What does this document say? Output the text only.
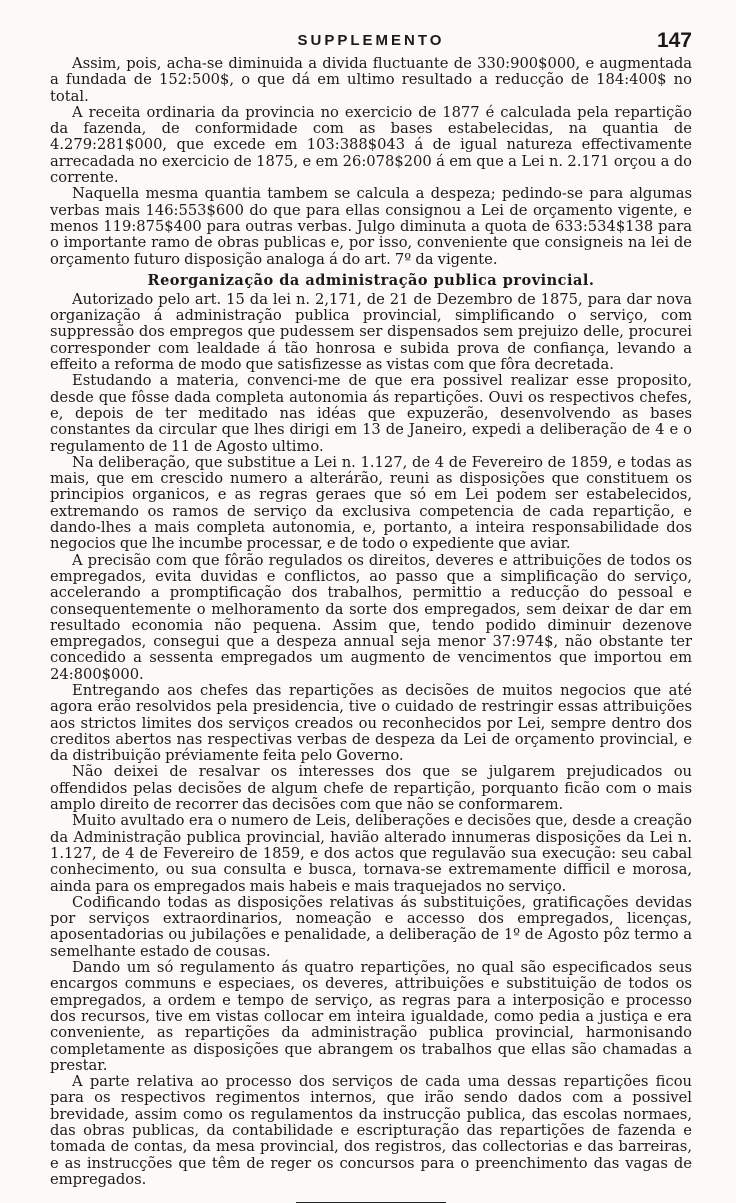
SUPPLEMENTO	147

Assim, pois, acha-se diminuida a divida fluctuante de 330:900$000, e augmentada a fundada de 152:500$, o que dá em ultimo resultado a reducção de 184:400$ no total.

A receita ordinaria da provincia no exercicio de 1877 é calculada pela repartição da fazenda, de conformidade com as bases estabelecidas, na quantia de 4.279:281$000, que excede em 103:388$043 á de igual natureza effectivamente arrecadada no exercicio de 1875, e em 26:078$200 á em que a Lei n. 2.171 orçou a do corrente.

Naquella mesma quantia tambem se calcula a despeza; pedindo-se para algumas verbas mais 146:553$600 do que para ellas consignou a Lei de orçamento vigente, e menos 119:875$400 para outras verbas. Julgo diminuta a quota de 633:534$138 para o importante ramo de obras publicas e, por isso, conveniente que consigneis na lei de orçamento futuro disposição analoga á do art. 7º da vigente.

Reorganização da administração publica provincial.

Autorizado pelo art. 15 da lei n. 2,171, de 21 de Dezembro de 1875, para dar nova organização á administração publica provincial, simplificando o serviço, com suppressão dos empregos que pudessem ser dispensados sem prejuizo delle, procurei corresponder com lealdade á tão honrosa e subida prova de confiança, levando a effeito a reforma de modo que satisfizesse as vistas com que fôra decretada.

Estudando a materia, convenci-me de que era possivel realizar esse proposito, desde que fôsse dada completa autonomia ás repartições. Ouvi os respectivos chefes, e, depois de ter meditado nas idéas que expuzerão, desenvolvendo as bases constantes da circular que lhes dirigi em 13 de Janeiro, expedi a deliberação de 4 e o regulamento de 11 de Agosto ultimo.

Na deliberação, que substitue a Lei n. 1.127, de 4 de Fevereiro de 1859, e todas as mais, que em crescido numero a alterárão, reuni as disposições que constituem os principios organicos, e as regras geraes que só em Lei podem ser estabelecidos, extremando os ramos de serviço da exclusiva competencia de cada repartição, e dando-lhes a mais completa autonomia, e, portanto, a inteira responsabilidade dos negocios que lhe incumbe processar, e de todo o expediente que aviar.

A precisão com que fôrão regulados os direitos, deveres e attribuições de todos os empregados, evita duvidas e conflictos, ao passo que a simplificação do serviço, accelerando a promptificação dos trabalhos, permittio a reducção do pessoal e consequentemente o melhoramento da sorte dos empregados, sem deixar de dar em resultado economia não pequena. Assim que, tendo podido diminuir dezenove empregados, consegui que a despeza annual seja menor 37:974$, não obstante ter concedido a sessenta empregados um augmento de vencimentos que importou em 24:800$000.

Entregando aos chefes das repartições as decisões de muitos negocios que até agora erão resolvidos pela presidencia, tive o cuidado de restringir essas attribuições aos strictos limites dos serviços creados ou reconhecidos por Lei, sempre dentro dos creditos abertos nas respectivas verbas de despeza da Lei de orçamento provincial, e da distribuição préviamente feita pelo Governo.

Não deixei de resalvar os interesses dos que se julgarem prejudicados ou offendidos pelas decisões de algum chefe de repartição, porquanto ficão com o mais amplo direito de recorrer das decisões com que não se conformarem.

Muito avultado era o numero de Leis, deliberações e decisões que, desde a creação da Administração publica provincial, havião alterado innumeras disposições da Lei n. 1.127, de 4 de Fevereiro de 1859, e dos actos que regulavão sua execução: seu cabal conhecimento, ou sua consulta e busca, tornava-se extremamente difficil e morosa, ainda para os empregados mais habeis e mais traquejados no serviço.

Codificando todas as disposições relativas ás substituições, gratificações devidas por serviços extraordinarios, nomeação e accesso dos empregados, licenças, aposentadorias ou jubilações e penalidade, a deliberação de 1º de Agosto pôz termo a semelhante estado de cousas.

Dando um só regulamento ás quatro repartições, no qual são especificados seus encargos communs e especiaes, os deveres, attribuições e substituição de todos os empregados, a ordem e tempo de serviço, as regras para a interposição e processo dos recursos, tive em vistas collocar em inteira igualdade, como pedia a justiça e era conveniente, as repartições da administração publica provincial, harmonisando completamente as disposições que abrangem os trabalhos que ellas são chamadas a prestar.

A parte relativa ao processo dos serviços de cada uma dessas repartições ficou para os respectivos regimentos internos, que irão sendo dados com a possivel brevidade, assim como os regulamentos da instrucção publica, das escolas normaes, das obras publicas, da contabilidade e escripturação das repartições de fazenda e tomada de contas, da mesa provincial, dos registros, das collectorias e das barreiras, e as instrucções que têm de reger os concursos para o preenchimento das vagas de empregados.
